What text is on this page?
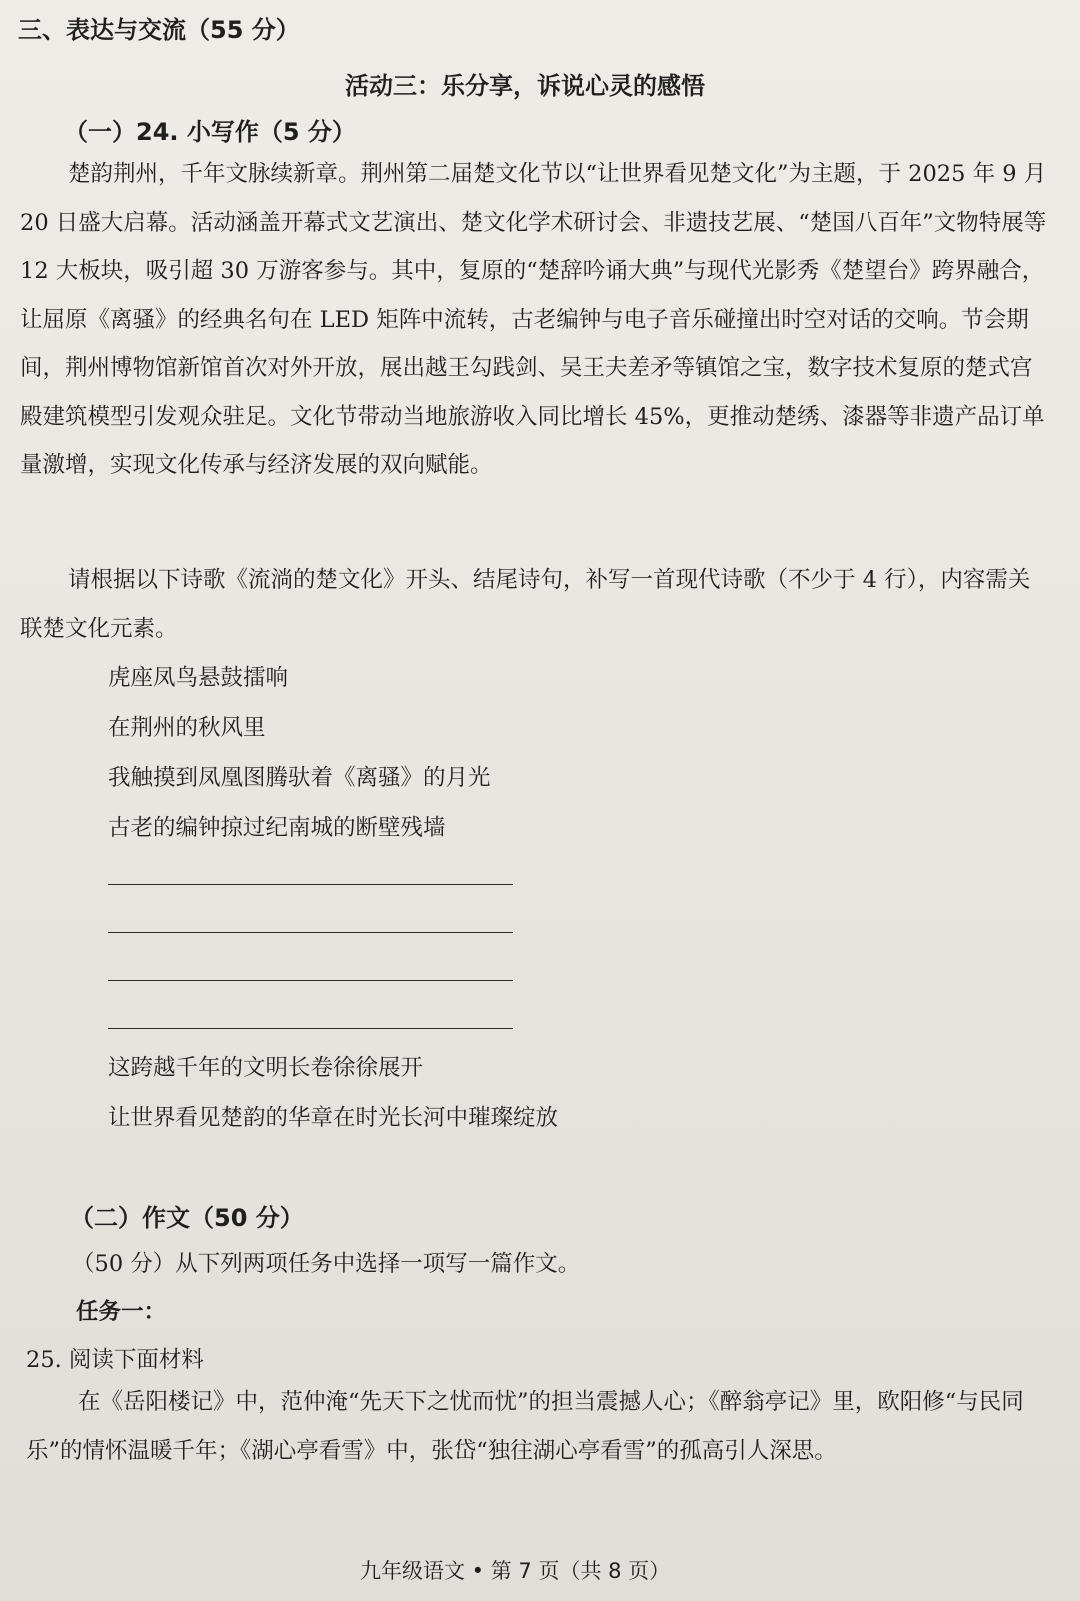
三、表达与交流（55 分）
活动三：乐分享，诉说心灵的感悟
（一）24. 小写作（5 分）

楚韵荆州，千年文脉续新章。荆州第二届楚文化节以“让世界看见楚文化”为主题，于 2025 年 9 月 20 日盛大启幕。活动涵盖开幕式文艺演出、楚文化学术研讨会、非遗技艺展、“楚国八百年”文物特展等 12 大板块，吸引超 30 万游客参与。其中，复原的“楚辞吟诵大典”与现代光影秀《楚望台》跨界融合，让屈原《离骚》的经典名句在 LED 矩阵中流转，古老编钟与电子音乐碰撞出时空对话的交响。节会期间，荆州博物馆新馆首次对外开放，展出越王勾践剑、吴王夫差矛等镇馆之宝，数字技术复原的楚式宫殿建筑模型引发观众驻足。文化节带动当地旅游收入同比增长 45%，更推动楚绣、漆器等非遗产品订单量激增，实现文化传承与经济发展的双向赋能。

请根据以下诗歌《流淌的楚文化》开头、结尾诗句，补写一首现代诗歌（不少于 4 行），内容需关联楚文化元素。

虎座凤鸟悬鼓擂响
在荆州的秋风里
我触摸到凤凰图腾驮着《离骚》的月光
古老的编钟掠过纪南城的断壁残墙
这跨越千年的文明长卷徐徐展开
让世界看见楚韵的华章在时光长河中璀璨绽放
（二）作文（50 分）
（50 分）从下列两项任务中选择一项写一篇作文。
任务一：
25. 阅读下面材料

在《岳阳楼记》中，范仲淹“先天下之忧而忧”的担当震撼人心；《醉翁亭记》里，欧阳修“与民同乐”的情怀温暖千年；《湖心亭看雪》中，张岱“独往湖心亭看雪”的孤高引人深思。

九年级语文 • 第 7 页（共 8 页）
